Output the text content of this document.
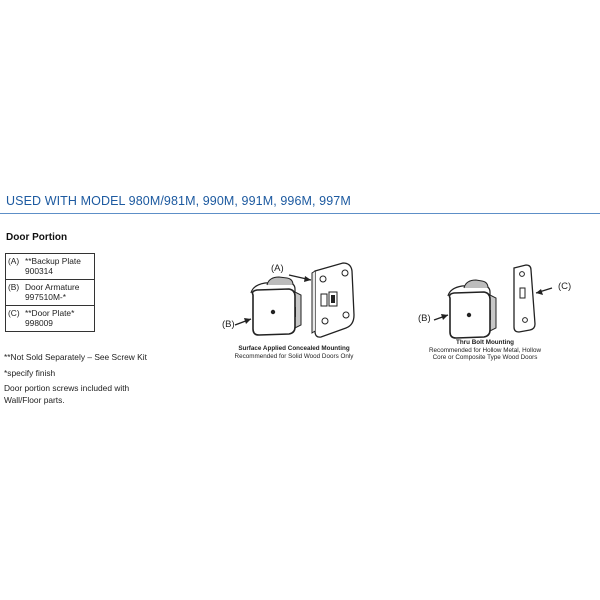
USED WITH MODEL 980M/981M, 990M, 991M, 996M, 997M
Door Portion
(A) **Backup Plate
900314
(B) Door Armature
997510M-*
(C) **Door Plate*
998009
**Not Sold Separately – See Screw Kit
*specify finish
Door portion screws included with
Wall/Floor parts.
(A)
(B)
Surface Applied Concealed Mounting
Recommended for Solid Wood Doors Only
(C)
(B)
Thru Bolt Mounting
Recommended for Hollow Metal, Hollow
Core or Composite Type Wood Doors
